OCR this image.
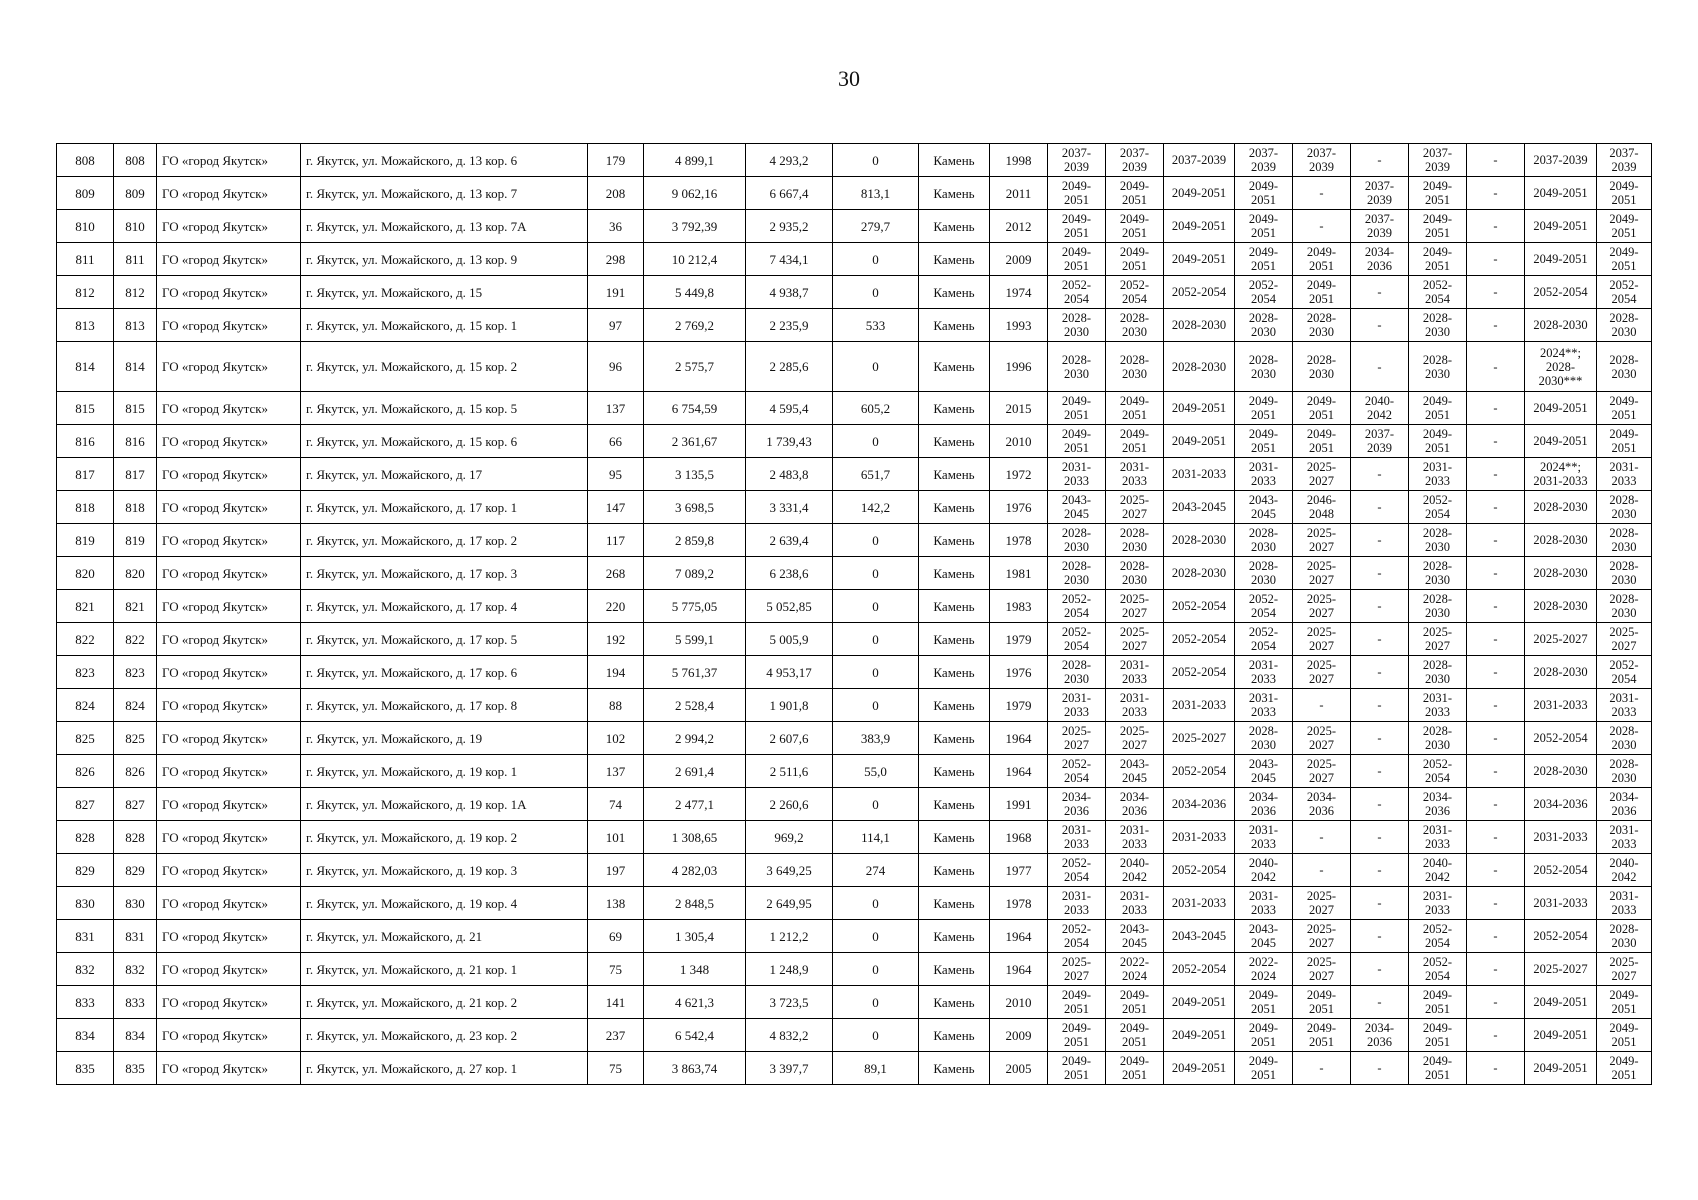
30
808	808	ГО «город Якутск»	г. Якутск, ул. Можайского, д. 13 кор. 6	179	4 899,1	4 293,2	0	Камень	1998	2037-2039	2037-2039	2037-2039	2037-2039	2037-2039	-	2037-2039	-	2037-2039	2037-2039
809	809	ГО «город Якутск»	г. Якутск, ул. Можайского, д. 13 кор. 7	208	9 062,16	6 667,4	813,1	Камень	2011	2049-2051	2049-2051	2049-2051	2049-2051	-	2037-2039	2049-2051	-	2049-2051	2049-2051
810	810	ГО «город Якутск»	г. Якутск, ул. Можайского, д. 13 кор. 7А	36	3 792,39	2 935,2	279,7	Камень	2012	2049-2051	2049-2051	2049-2051	2049-2051	-	2037-2039	2049-2051	-	2049-2051	2049-2051
811	811	ГО «город Якутск»	г. Якутск, ул. Можайского, д. 13 кор. 9	298	10 212,4	7 434,1	0	Камень	2009	2049-2051	2049-2051	2049-2051	2049-2051	2049-2051	2034-2036	2049-2051	-	2049-2051	2049-2051
812	812	ГО «город Якутск»	г. Якутск, ул. Можайского, д. 15	191	5 449,8	4 938,7	0	Камень	1974	2052-2054	2052-2054	2052-2054	2052-2054	2049-2051	-	2052-2054	-	2052-2054	2052-2054
813	813	ГО «город Якутск»	г. Якутск, ул. Можайского, д. 15 кор. 1	97	2 769,2	2 235,9	533	Камень	1993	2028-2030	2028-2030	2028-2030	2028-2030	2028-2030	-	2028-2030	-	2028-2030	2028-2030
814	814	ГО «город Якутск»	г. Якутск, ул. Можайского, д. 15 кор. 2	96	2 575,7	2 285,6	0	Камень	1996	2028-2030	2028-2030	2028-2030	2028-2030	2028-2030	-	2028-2030	-	2024**; 2028-2030***	2028-2030
815	815	ГО «город Якутск»	г. Якутск, ул. Можайского, д. 15 кор. 5	137	6 754,59	4 595,4	605,2	Камень	2015	2049-2051	2049-2051	2049-2051	2049-2051	2049-2051	2040-2042	2049-2051	-	2049-2051	2049-2051
816	816	ГО «город Якутск»	г. Якутск, ул. Можайского, д. 15 кор. 6	66	2 361,67	1 739,43	0	Камень	2010	2049-2051	2049-2051	2049-2051	2049-2051	2049-2051	2037-2039	2049-2051	-	2049-2051	2049-2051
817	817	ГО «город Якутск»	г. Якутск, ул. Можайского, д. 17	95	3 135,5	2 483,8	651,7	Камень	1972	2031-2033	2031-2033	2031-2033	2031-2033	2025-2027	-	2031-2033	-	2024**; 2031-2033	2031-2033
818	818	ГО «город Якутск»	г. Якутск, ул. Можайского, д. 17 кор. 1	147	3 698,5	3 331,4	142,2	Камень	1976	2043-2045	2025-2027	2043-2045	2043-2045	2046-2048	-	2052-2054	-	2028-2030	2028-2030
819	819	ГО «город Якутск»	г. Якутск, ул. Можайского, д. 17 кор. 2	117	2 859,8	2 639,4	0	Камень	1978	2028-2030	2028-2030	2028-2030	2028-2030	2025-2027	-	2028-2030	-	2028-2030	2028-2030
820	820	ГО «город Якутск»	г. Якутск, ул. Можайского, д. 17 кор. 3	268	7 089,2	6 238,6	0	Камень	1981	2028-2030	2028-2030	2028-2030	2028-2030	2025-2027	-	2028-2030	-	2028-2030	2028-2030
821	821	ГО «город Якутск»	г. Якутск, ул. Можайского, д. 17 кор. 4	220	5 775,05	5 052,85	0	Камень	1983	2052-2054	2025-2027	2052-2054	2052-2054	2025-2027	-	2028-2030	-	2028-2030	2028-2030
822	822	ГО «город Якутск»	г. Якутск, ул. Можайского, д. 17 кор. 5	192	5 599,1	5 005,9	0	Камень	1979	2052-2054	2025-2027	2052-2054	2052-2054	2025-2027	-	2025-2027	-	2025-2027	2025-2027
823	823	ГО «город Якутск»	г. Якутск, ул. Можайского, д. 17 кор. 6	194	5 761,37	4 953,17	0	Камень	1976	2028-2030	2031-2033	2052-2054	2031-2033	2025-2027	-	2028-2030	-	2028-2030	2052-2054
824	824	ГО «город Якутск»	г. Якутск, ул. Можайского, д. 17 кор. 8	88	2 528,4	1 901,8	0	Камень	1979	2031-2033	2031-2033	2031-2033	2031-2033	-	-	2031-2033	-	2031-2033	2031-2033
825	825	ГО «город Якутск»	г. Якутск, ул. Можайского, д. 19	102	2 994,2	2 607,6	383,9	Камень	1964	2025-2027	2025-2027	2025-2027	2028-2030	2025-2027	-	2028-2030	-	2052-2054	2028-2030
826	826	ГО «город Якутск»	г. Якутск, ул. Можайского, д. 19 кор. 1	137	2 691,4	2 511,6	55,0	Камень	1964	2052-2054	2043-2045	2052-2054	2043-2045	2025-2027	-	2052-2054	-	2028-2030	2028-2030
827	827	ГО «город Якутск»	г. Якутск, ул. Можайского, д. 19 кор. 1А	74	2 477,1	2 260,6	0	Камень	1991	2034-2036	2034-2036	2034-2036	2034-2036	2034-2036	-	2034-2036	-	2034-2036	2034-2036
828	828	ГО «город Якутск»	г. Якутск, ул. Можайского, д. 19 кор. 2	101	1 308,65	969,2	114,1	Камень	1968	2031-2033	2031-2033	2031-2033	2031-2033	-	-	2031-2033	-	2031-2033	2031-2033
829	829	ГО «город Якутск»	г. Якутск, ул. Можайского, д. 19 кор. 3	197	4 282,03	3 649,25	274	Камень	1977	2052-2054	2040-2042	2052-2054	2040-2042	-	-	2040-2042	-	2052-2054	2040-2042
830	830	ГО «город Якутск»	г. Якутск, ул. Можайского, д. 19 кор. 4	138	2 848,5	2 649,95	0	Камень	1978	2031-2033	2031-2033	2031-2033	2031-2033	2025-2027	-	2031-2033	-	2031-2033	2031-2033
831	831	ГО «город Якутск»	г. Якутск, ул. Можайского, д. 21	69	1 305,4	1 212,2	0	Камень	1964	2052-2054	2043-2045	2043-2045	2043-2045	2025-2027	-	2052-2054	-	2052-2054	2028-2030
832	832	ГО «город Якутск»	г. Якутск, ул. Можайского, д. 21 кор. 1	75	1 348	1 248,9	0	Камень	1964	2025-2027	2022-2024	2052-2054	2022-2024	2025-2027	-	2052-2054	-	2025-2027	2025-2027
833	833	ГО «город Якутск»	г. Якутск, ул. Можайского, д. 21 кор. 2	141	4 621,3	3 723,5	0	Камень	2010	2049-2051	2049-2051	2049-2051	2049-2051	2049-2051	-	2049-2051	-	2049-2051	2049-2051
834	834	ГО «город Якутск»	г. Якутск, ул. Можайского, д. 23 кор. 2	237	6 542,4	4 832,2	0	Камень	2009	2049-2051	2049-2051	2049-2051	2049-2051	2049-2051	2034-2036	2049-2051	-	2049-2051	2049-2051
835	835	ГО «город Якутск»	г. Якутск, ул. Можайского, д. 27 кор. 1	75	3 863,74	3 397,7	89,1	Камень	2005	2049-2051	2049-2051	2049-2051	2049-2051	-	-	2049-2051	-	2049-2051	2049-2051
